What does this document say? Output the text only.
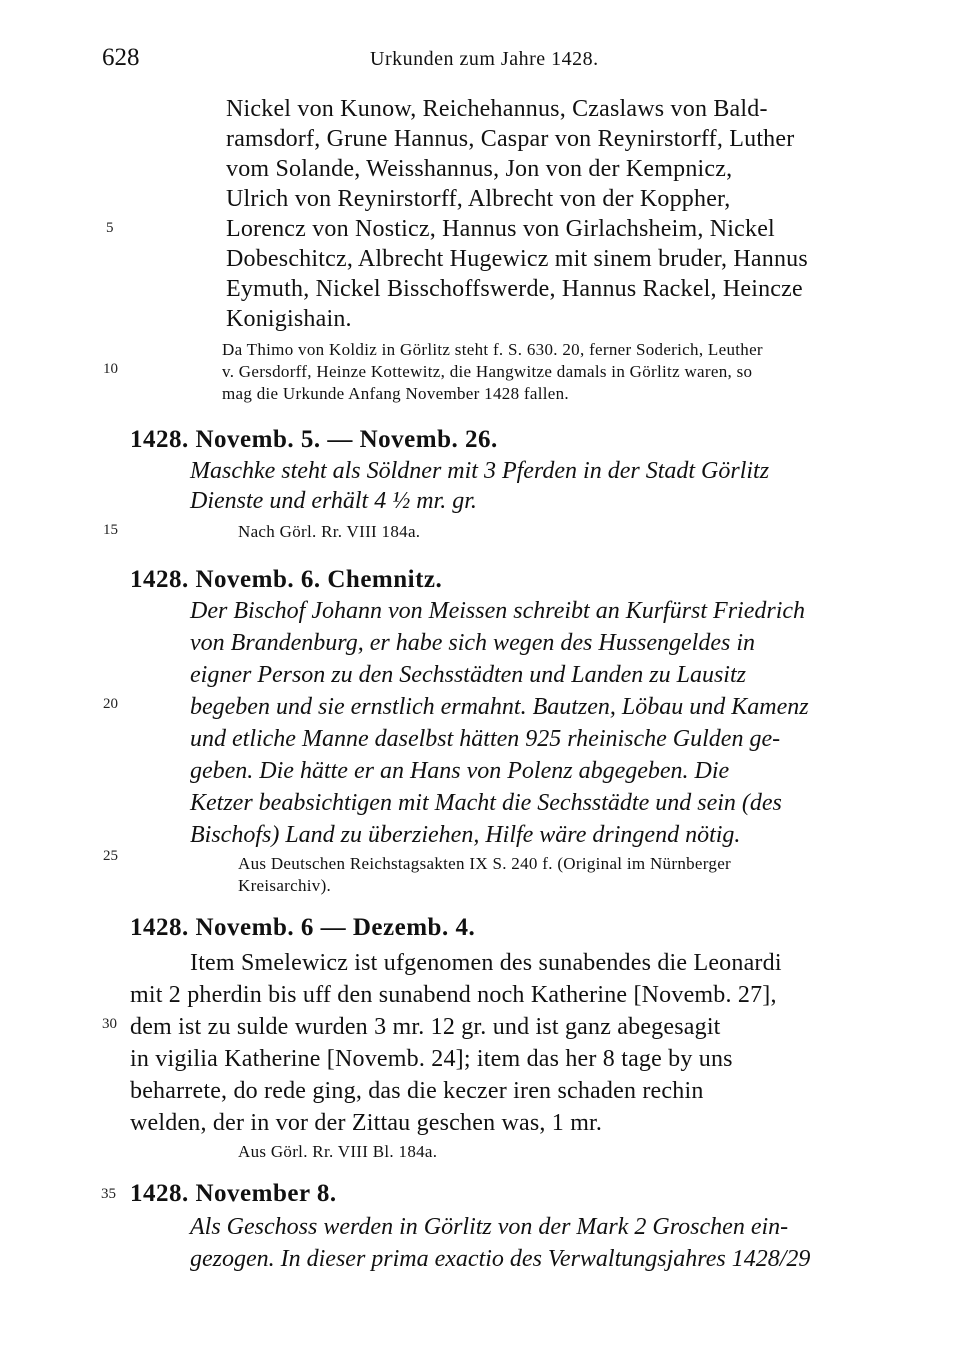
628	Urkunden zum Jahre 1428.
5
10
15
20
25
30
35
Nickel von Kunow, Reichehannus, Czaslaws von Bald-
ramsdorf, Grune Hannus, Caspar von Reynirstorff, Luther
vom Solande, Weisshannus, Jon von der Kempnicz,
Ulrich von Reynirstorff, Albrecht von der Koppher,
Lorencz von Nosticz, Hannus von Girlachsheim, Nickel
Dobeschitcz, Albrecht Hugewicz mit sinem bruder, Hannus
Eymuth, Nickel Bisschoffswerde, Hannus Rackel, Heincze
Konigishain.
Da Thimo von Koldiz in Görlitz steht f. S. 630. 20, ferner Soderich, Leuther
v. Gersdorff, Heinze Kottewitz, die Hangwitze damals in Görlitz waren, so
mag die Urkunde Anfang November 1428 fallen.
1428. Novemb. 5. — Novemb. 26.
Maschke steht als Söldner mit 3 Pferden in der Stadt Görlitz
Dienste und erhält 4 ½ mr. gr.
Nach Görl. Rr. VIII 184a.
1428. Novemb. 6. Chemnitz.
Der Bischof Johann von Meissen schreibt an Kurfürst Friedrich
von Brandenburg, er habe sich wegen des Hussengeldes in
eigner Person zu den Sechsstädten und Landen zu Lausitz
begeben und sie ernstlich ermahnt. Bautzen, Löbau und Kamenz
und etliche Manne daselbst hätten 925 rheinische Gulden ge-
geben. Die hätte er an Hans von Polenz abgegeben. Die
Ketzer beabsichtigen mit Macht die Sechsstädte und sein (des
Bischofs) Land zu überziehen, Hilfe wäre dringend nötig.
Aus Deutschen Reichstagsakten IX S. 240 f. (Original im Nürnberger
Kreisarchiv).
1428. Novemb. 6 — Dezemb. 4.
Item Smelewicz ist ufgenomen des sunabendes die Leonardi
mit 2 pherdin bis uff den sunabend noch Katherine [Novemb. 27],
dem ist zu sulde wurden 3 mr. 12 gr. und ist ganz abegesagit
in vigilia Katherine [Novemb. 24]; item das her 8 tage by uns
beharrete, do rede ging, das die keczer iren schaden rechin
welden, der in vor der Zittau geschen was, 1 mr.
Aus Görl. Rr. VIII Bl. 184a.
1428. November 8.
Als Geschoss werden in Görlitz von der Mark 2 Groschen ein-
gezogen. In dieser prima exactio des Verwaltungsjahres 1428/29
